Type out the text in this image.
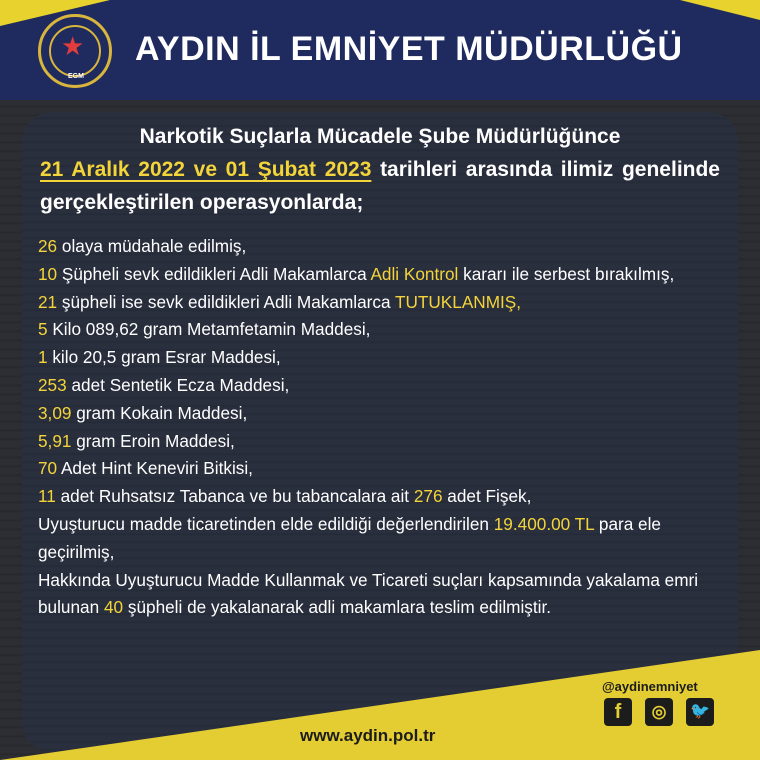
★
EGM
AYDIN İL EMNİYET MÜDÜRLÜĞÜ
Narkotik Suçlarla Mücadele Şube Müdürlüğünce
21 Aralık 2022 ve 01 Şubat 2023 tarihleri arasında ilimiz genelinde gerçekleştirilen operasyonlarda;
26 olaya müdahale edilmiş,
10 Şüpheli sevk edildikleri Adli Makamlarca Adli Kontrol kararı ile serbest bırakılmış,
21 şüpheli ise sevk edildikleri Adli Makamlarca TUTUKLANMIŞ,
5 Kilo 089,62 gram Metamfetamin Maddesi,
1 kilo 20,5 gram Esrar Maddesi,
253 adet Sentetik Ecza Maddesi,
3,09 gram Kokain Maddesi,
5,91 gram Eroin Maddesi,
70 Adet Hint Keneviri Bitkisi,
11 adet Ruhsatsız Tabanca ve bu tabancalara ait 276 adet Fişek,
Uyuşturucu madde ticaretinden elde edildiği değerlendirilen 19.400.00 TL para ele geçirilmiş,
Hakkında Uyuşturucu Madde Kullanmak ve Ticareti suçları kapsamında yakalama emri bulunan 40 şüpheli de yakalanarak adli makamlara teslim edilmiştir.
@aydinemniyet
f	◎	🐦
www.aydin.pol.tr
